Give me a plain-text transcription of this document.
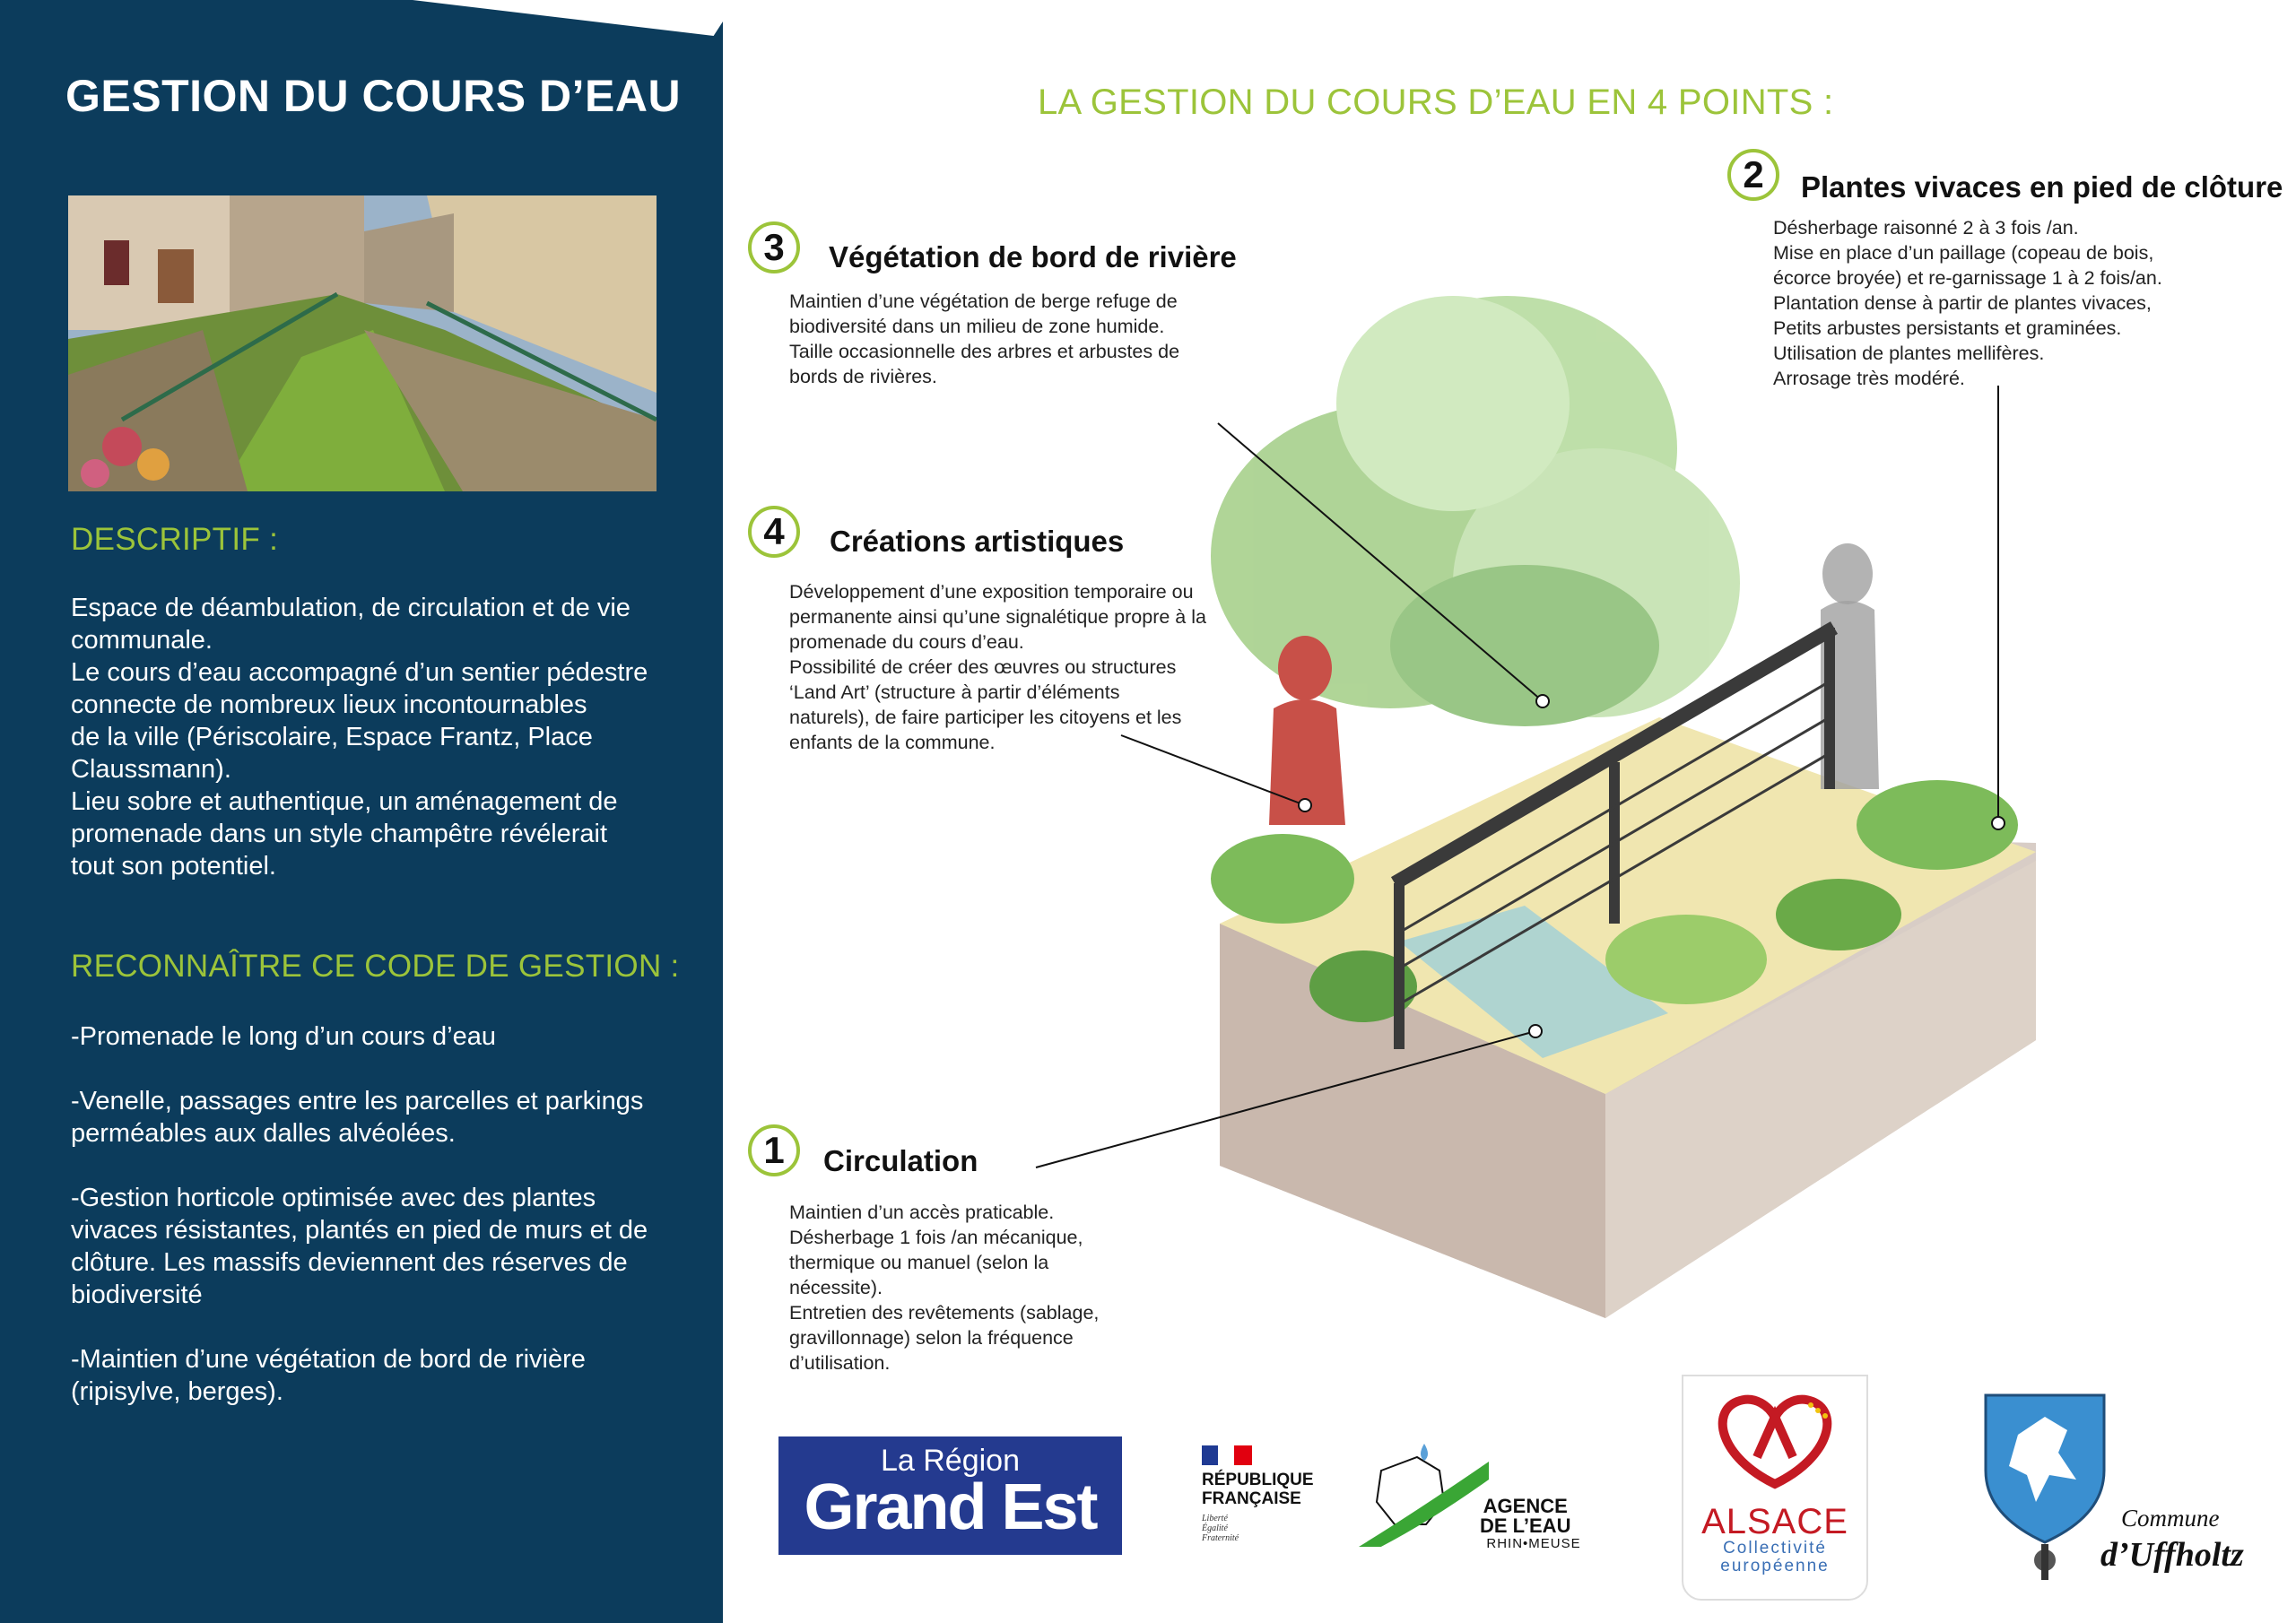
GESTION DU COURS D’EAU
DESCRIPTIF :
Espace de déambulation, de circulation et de vie
communale.
Le cours d’eau accompagné d’un sentier pédestre
connecte de nombreux lieux incontournables
de la ville (Périscolaire, Espace Frantz, Place
Claussmann).
Lieu sobre et authentique, un aménagement de
promenade dans un style champêtre révélerait
tout son potentiel.
RECONNAÎTRE CE CODE DE GESTION :
-Promenade le long d’un cours d’eau
-Venelle, passages entre les parcelles et parkings
perméables aux dalles alvéolées.
-Gestion horticole optimisée avec des plantes
vivaces résistantes, plantés en pied de murs et de
clôture. Les massifs deviennent des réserves de
biodiversité
-Maintien d’une végétation de bord de rivière
(ripisylve, berges).
LA GESTION DU COURS D’EAU EN 4 POINTS :
3	Végétation de bord de rivière
Maintien d’une végétation de berge refuge de
biodiversité dans un milieu de zone humide.
Taille occasionnelle des arbres et arbustes de
bords de rivières.
4	Créations artistiques
Développement d’une exposition temporaire ou
permanente ainsi qu’une signalétique propre à la
promenade du cours d’eau.
Possibilité de créer des œuvres ou structures
‘Land Art’ (structure à partir d’éléments
naturels), de faire participer les citoyens et les
enfants de la commune.
2	Plantes vivaces en pied de clôture
Désherbage raisonné 2 à 3 fois /an.
Mise en place d’un paillage (copeau de bois,
écorce broyée) et re-garnissage 1 à 2 fois/an.
Plantation dense à partir de plantes vivaces,
Petits arbustes persistants et graminées.
Utilisation de plantes mellifères.
Arrosage très modéré.
1	Circulation
Maintien d’un accès praticable.
Désherbage 1 fois /an mécanique,
thermique ou manuel (selon la
nécessite).
Entretien des revêtements (sablage,
gravillonnage) selon la fréquence
d’utilisation.
La Région
Grand Est	RÉPUBLIQUE
FRANÇAISE
Liberté
Égalité
Fraternité
AGENCE
DE L’EAU
RHIN•MEUSE
ALSACE
Collectivité
européenne
Commune
d’Uffholtz
